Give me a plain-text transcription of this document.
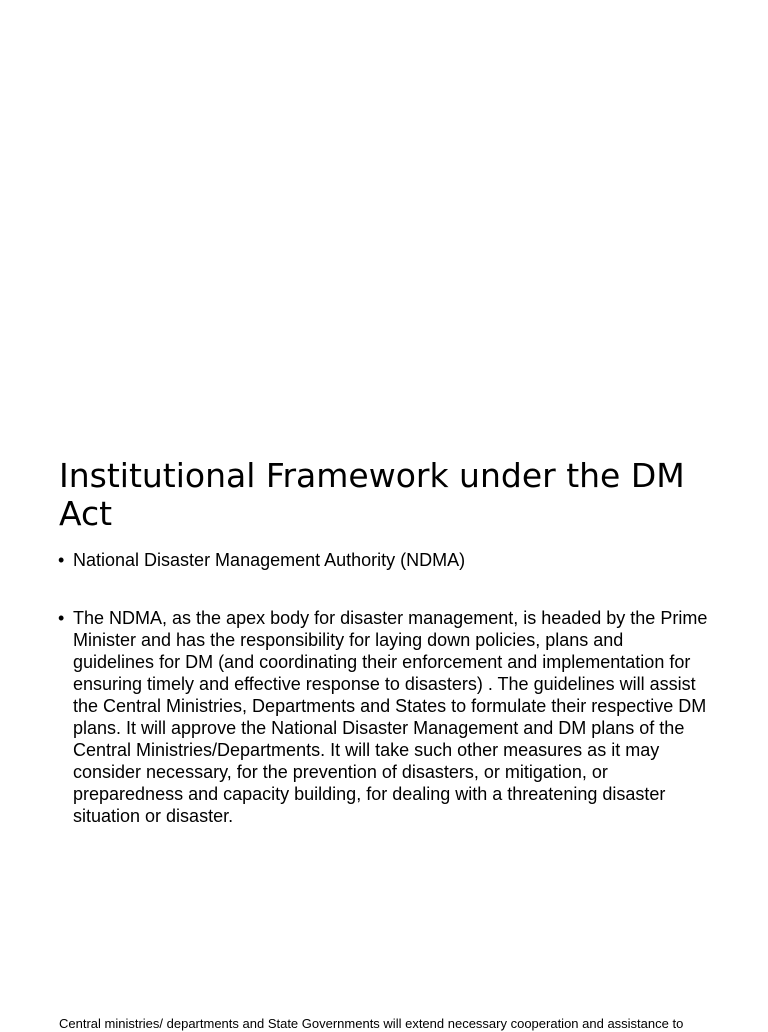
Institutional Framework under the DM Act
• National Disaster Management Authority (NDMA)
• The NDMA, as the apex body for disaster management, is headed by the Prime Minister and has the responsibility for laying down policies, plans and guidelines for DM (and coordinating their enforcement and implementation for ensuring timely and effective response to disasters) . The guidelines will assist the Central Ministries, Departments and States to formulate their respective DM plans. It will approve the National Disaster Management and DM plans of the Central Ministries/Departments. It will take such other measures as it may consider necessary, for the prevention of disasters, or mitigation, or preparedness and capacity building, for dealing with a threatening disaster situation or disaster.

Central ministries/ departments and State Governments will extend necessary cooperation and assistance to
